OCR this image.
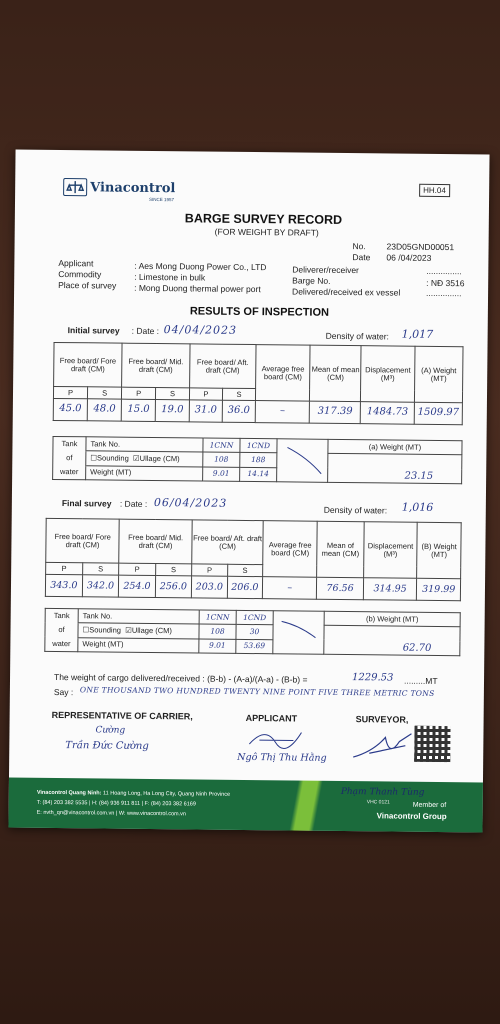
Vinacontrol
SINCE 1957
HH.04
BARGE SURVEY RECORD
(FOR WEIGHT BY DRAFT)
No. 23D05GND00051
Date 06 /04/2023
Applicant	: Aes Mong Duong Power Co., LTD
Commodity	: Limestone in bulk
Place of survey : Mong Duong thermal power port
Deliverer/receiver	...............
Barge No.	: NĐ 3516
Delivered/received ex vessel	...............
RESULTS OF INSPECTION
Initial survey : Date : 04/04/2023	Density of water: 1,017
Free board/ Fore draft (CM)		Free board/ Mid. draft (CM)		Free board/ Aft. draft (CM)		Average free board (CM)	Mean of mean (CM)	Displacement (M³)	(A) Weight (MT)
P	S	P	S	P	S				
45.0	48.0	15.0	19.0	31.0	36.0	–	317.39	1484.73	1509.97
Tank	Tank No.	1CNN	1CND		(a) Weight (MT)
of	☐Sounding ☑Ullage (CM)	108	188		23.15
water	Weight (MT)	9.01	14.14		
Final survey : Date : 06/04/2023
Density of water: 1,016
Free board/ Fore draft (CM)		Free board/ Mid. draft (CM)		Free board/ Aft. draft (CM)		Average free board (CM)	Mean of mean (CM)	Displacement (M³)	(B) Weight (MT)
P	S	P	S	P	S				
343.0	342.0	254.0	256.0	203.0	206.0	–	76.56	314.95	319.99
Tank	Tank No.	1CNN	1CND		(b) Weight (MT)
of	☐Sounding ☑Ullage (CM)	108	30		62.70
water	Weight (MT)	9.01	53.69		
The weight of cargo delivered/received : (B-b) - (A-a)/(A-a) - (B-b) =	1229.53 .........MT
Say : ONE THOUSAND TWO HUNDRED TWENTY NINE POINT FIVE THREE METRIC TONS
REPRESENTATIVE OF CARRIER,	APPLICANT	SURVEYOR,
Cường
Trần Đức Cường
Ngô Thị Thu Hằng
Vinacontrol Quang Ninh: 11 Hoang Long, Ha Long City, Quang Ninh Province
T: (84) 203 382 5535 | H: (84) 936 911 811 | F: (84) 203 382 6169
E: nvth_qn@vinacontrol.com.vn | W: www.vinacontrol.com.vn
Phạm Thanh Tùng
VHC 0121	Member of
Vinacontrol Group
